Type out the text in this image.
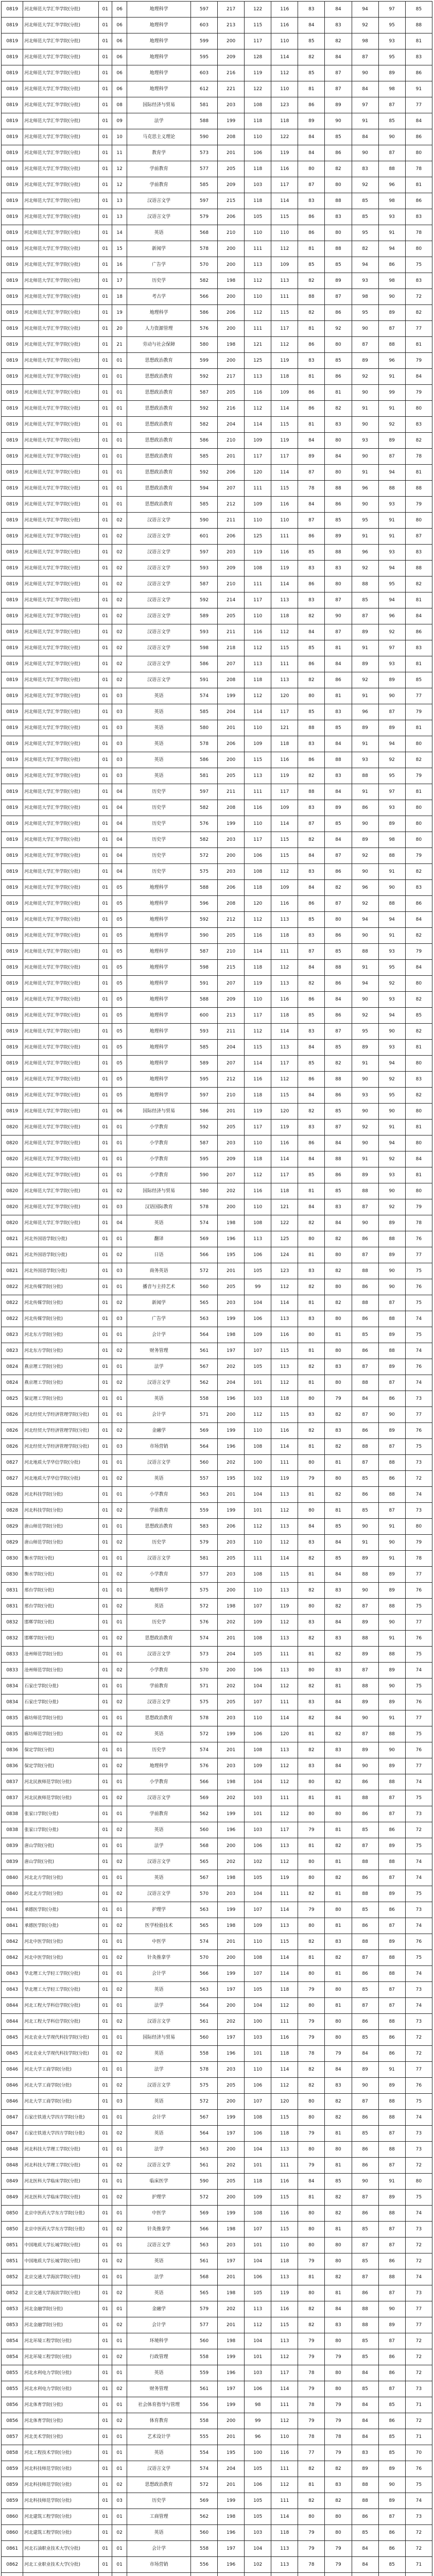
0819	河北师范大学汇华学院(分批)	01	06	地理科学	597	217	122	116	83	84	94	97	85
0819	河北师范大学汇华学院(分批)	01	06	地理科学	603	213	115	116	84	83	92	95	88
0819	河北师范大学汇华学院(分批)	01	06	地理科学	599	200	117	110	85	82	98	93	81
0819	河北师范大学汇华学院(分批)	01	06	地理科学	595	209	128	114	82	84	87	95	83
0819	河北师范大学汇华学院(分批)	01	06	地理科学	603	216	119	112	85	87	90	89	86
0819	河北师范大学汇华学院(分批)	01	06	地理科学	612	221	122	110	81	87	84	98	91
0819	河北师范大学汇华学院(分批)	01	08	国际经济与贸易	581	203	108	123	86	89	97	87	77
0819	河北师范大学汇华学院(分批)	01	09	法学	588	199	118	118	89	90	91	85	84
0819	河北师范大学汇华学院(分批)	01	10	马克思主义理论	590	208	110	122	84	85	84	90	86
0819	河北师范大学汇华学院(分批)	01	11	教育学	573	201	106	119	84	86	90	87	80
0819	河北师范大学汇华学院(分批)	01	12	学前教育	577	205	118	116	80	82	83	88	78
0819	河北师范大学汇华学院(分批)	01	12	学前教育	585	209	103	117	87	80	92	96	81
0819	河北师范大学汇华学院(分批)	01	13	汉语言文学	597	215	118	114	83	88	85	98	86
0819	河北师范大学汇华学院(分批)	01	13	汉语言文学	579	206	105	115	86	83	85	93	83
0819	河北师范大学汇华学院(分批)	01	14	英语	568	210	110	110	86	80	95	91	78
0819	河北师范大学汇华学院(分批)	01	15	新闻学	578	200	111	112	81	88	82	94	80
0819	河北师范大学汇华学院(分批)	01	16	广告学	570	200	113	109	85	85	94	86	75
0819	河北师范大学汇华学院(分批)	01	17	历史学	582	198	112	113	82	89	93	98	83
0819	河北师范大学汇华学院(分批)	01	18	考古学	566	200	110	111	88	87	98	90	72
0819	河北师范大学汇华学院(分批)	01	19	地理科学	586	206	112	115	82	86	95	89	82
0819	河北师范大学汇华学院(分批)	01	20	人力资源管理	576	200	111	117	81	92	90	87	77
0819	河北师范大学汇华学院(分批)	01	21	劳动与社会保障	580	198	121	112	86	80	87	88	81
0819	河北师范大学汇华学院(分批)	01	01	思想政治教育	599	200	125	119	83	85	89	96	79
0819	河北师范大学汇华学院(分批)	01	01	思想政治教育	592	217	113	118	81	86	92	91	84
0819	河北师范大学汇华学院(分批)	01	01	思想政治教育	587	205	116	109	86	81	90	99	79
0819	河北师范大学汇华学院(分批)	01	01	思想政治教育	592	216	112	114	86	82	91	91	80
0819	河北师范大学汇华学院(分批)	01	01	思想政治教育	582	204	114	115	81	83	90	92	83
0819	河北师范大学汇华学院(分批)	01	01	思想政治教育	586	210	109	119	84	80	93	89	82
0819	河北师范大学汇华学院(分批)	01	01	思想政治教育	585	201	117	117	89	84	90	87	78
0819	河北师范大学汇华学院(分批)	01	01	思想政治教育	592	206	120	114	87	80	91	94	81
0819	河北师范大学汇华学院(分批)	01	01	思想政治教育	594	207	111	115	78	88	96	88	88
0819	河北师范大学汇华学院(分批)	01	01	思想政治教育	585	212	109	116	84	86	90	93	79
0819	河北师范大学汇华学院(分批)	01	02	汉语言文学	590	211	110	110	87	85	95	91	80
0819	河北师范大学汇华学院(分批)	01	02	汉语言文学	601	206	125	111	86	89	91	91	87
0819	河北师范大学汇华学院(分批)	01	02	汉语言文学	597	203	119	116	85	88	96	93	83
0819	河北师范大学汇华学院(分批)	01	02	汉语言文学	593	209	108	119	83	83	92	94	88
0819	河北师范大学汇华学院(分批)	01	02	汉语言文学	587	210	111	114	86	80	88	95	82
0819	河北师范大学汇华学院(分批)	01	02	汉语言文学	592	214	117	113	83	87	85	94	81
0819	河北师范大学汇华学院(分批)	01	02	汉语言文学	589	205	110	118	82	90	87	96	84
0819	河北师范大学汇华学院(分批)	01	02	汉语言文学	593	211	116	112	84	87	89	92	86
0819	河北师范大学汇华学院(分批)	01	02	汉语言文学	598	218	112	115	85	81	91	97	83
0819	河北师范大学汇华学院(分批)	01	02	汉语言文学	586	207	113	111	86	84	89	93	81
0819	河北师范大学汇华学院(分批)	01	02	汉语言文学	591	208	118	113	82	86	92	89	85
0819	河北师范大学汇华学院(分批)	01	03	英语	574	199	112	120	80	81	91	90	77
0819	河北师范大学汇华学院(分批)	01	03	英语	585	204	114	117	85	83	96	87	79
0819	河北师范大学汇华学院(分批)	01	03	英语	580	201	110	121	88	85	89	89	81
0819	河北师范大学汇华学院(分批)	01	03	英语	578	206	109	118	83	84	91	94	80
0819	河北师范大学汇华学院(分批)	01	03	英语	586	200	115	116	86	88	93	92	82
0819	河北师范大学汇华学院(分批)	01	03	英语	581	205	113	119	82	83	88	95	79
0819	河北师范大学汇华学院(分批)	01	04	历史学	597	211	111	117	88	84	91	97	81
0819	河北师范大学汇华学院(分批)	01	04	历史学	582	208	116	109	83	89	86	93	80
0819	河北师范大学汇华学院(分批)	01	04	历史学	576	199	110	114	87	85	90	89	80
0819	河北师范大学汇华学院(分批)	01	04	历史学	582	203	117	115	82	84	89	98	80
0819	河北师范大学汇华学院(分批)	01	04	历史学	572	200	106	115	84	87	92	88	79
0819	河北师范大学汇华学院(分批)	01	04	历史学	575	203	108	112	83	86	90	91	82
0819	河北师范大学汇华学院(分批)	01	05	地理科学	588	206	118	109	84	82	96	90	83
0819	河北师范大学汇华学院(分批)	01	05	地理科学	596	208	120	116	86	87	92	88	86
0819	河北师范大学汇华学院(分批)	01	05	地理科学	592	212	112	113	85	80	94	94	84
0819	河北师范大学汇华学院(分批)	01	05	地理科学	590	205	116	118	83	86	90	91	82
0819	河北师范大学汇华学院(分批)	01	05	地理科学	587	210	114	111	87	85	88	93	79
0819	河北师范大学汇华学院(分批)	01	05	地理科学	598	215	118	112	84	88	91	95	84
0819	河北师范大学汇华学院(分批)	01	05	地理科学	591	207	119	113	82	86	94	92	80
0819	河北师范大学汇华学院(分批)	01	05	地理科学	588	209	110	116	86	84	90	93	82
0819	河北师范大学汇华学院(分批)	01	05	地理科学	600	213	117	118	85	86	92	94	85
0819	河北师范大学汇华学院(分批)	01	05	地理科学	593	211	112	114	83	87	95	90	82
0819	河北师范大学汇华学院(分批)	01	05	地理科学	585	204	115	113	84	85	89	93	81
0819	河北师范大学汇华学院(分批)	01	05	地理科学	589	207	114	117	85	82	91	94	80
0819	河北师范大学汇华学院(分批)	01	05	地理科学	595	212	116	112	86	88	90	92	83
0819	河北师范大学汇华学院(分批)	01	05	地理科学	597	210	118	115	84	86	93	95	82
0819	河北师范大学汇华学院(分批)	01	06	国际经济与贸易	586	201	119	120	82	85	90	90	80
0820	河北师范大学汇华学院(分批)	01	01	小学教育	592	205	117	119	83	87	92	91	81
0820	河北师范大学汇华学院(分批)	01	01	小学教育	587	203	110	116	86	84	90	94	80
0820	河北师范大学汇华学院(分批)	01	01	小学教育	595	209	118	114	84	88	91	92	84
0820	河北师范大学汇华学院(分批)	01	01	小学教育	590	207	112	117	85	86	89	93	81
0820	河北师范大学汇华学院(分批)	01	02	国际经济与贸易	580	202	116	118	81	85	88	90	80
0820	河北师范大学汇华学院(分批)	01	03	汉语国际教育	578	200	110	121	84	83	87	92	79
0820	河北师范大学汇华学院(分批)	01	04	英语	574	198	108	122	82	84	90	89	78
0821	河北外国语学院(分批)	01	01	翻译	569	196	113	125	80	82	86	88	76
0821	河北外国语学院(分批)	01	02	日语	566	195	106	124	81	80	87	89	77
0821	河北外国语学院(分批)	01	03	商务英语	572	201	105	123	83	82	88	90	75
0822	河北传媒学院(分批)	01	01	播音与主持艺术	560	205	99	112	82	80	86	90	76
0822	河北传媒学院(分批)	01	02	新闻学	565	203	104	114	81	82	88	87	75
0822	河北传媒学院(分批)	01	03	广告学	563	199	106	113	83	80	86	88	74
0823	河北东方学院(分批)	01	01	会计学	564	198	109	116	80	81	85	89	75
0823	河北东方学院(分批)	01	02	财务管理	561	197	107	115	81	80	86	88	74
0824	燕京理工学院(分批)	01	01	法学	567	202	105	113	82	83	87	89	76
0824	燕京理工学院(分批)	01	02	汉语言文学	562	204	101	112	81	80	88	87	74
0825	保定理工学院(分批)	01	01	英语	558	196	103	118	80	79	84	86	73
0826	河北经贸大学经济管理学院(分批)	01	01	会计学	571	200	112	115	83	82	87	90	77
0826	河北经贸大学经济管理学院(分批)	01	02	金融学	569	199	110	116	82	83	86	89	76
0826	河北经贸大学经济管理学院(分批)	01	03	市场营销	564	196	108	114	81	82	88	87	75
0827	河北地质大学华信学院(分批)	01	01	汉语言文学	560	202	100	111	80	81	87	88	73
0827	河北地质大学华信学院(分批)	01	02	英语	557	195	102	119	79	80	85	86	72
0828	河北科技学院(分批)	01	01	小学教育	563	201	104	113	81	82	86	88	74
0828	河北科技学院(分批)	01	02	学前教育	559	199	101	112	80	81	85	87	73
0829	唐山师范学院(分批)	01	01	思想政治教育	583	206	112	113	84	85	90	91	80
0829	唐山师范学院(分批)	01	02	历史学	579	203	110	112	83	84	91	90	79
0830	衡水学院(分批)	01	01	汉语言文学	581	205	111	114	82	85	89	91	78
0830	衡水学院(分批)	01	02	小学教育	577	203	108	115	81	84	88	89	77
0831	邢台学院(分批)	01	01	地理科学	575	200	110	113	82	83	90	89	76
0831	邢台学院(分批)	01	02	英语	572	198	107	119	80	82	87	88	75
0832	邯郸学院(分批)	01	01	历史学	576	202	109	112	83	84	89	90	77
0832	邯郸学院(分批)	01	02	思想政治教育	574	201	108	113	82	83	88	91	76
0833	沧州师范学院(分批)	01	01	汉语言文学	573	204	105	111	81	82	89	88	75
0833	沧州师范学院(分批)	01	02	小学教育	570	200	106	113	80	83	87	89	74
0834	石家庄学院(分批)	01	01	学前教育	571	202	104	112	82	81	88	90	75
0834	石家庄学院(分批)	01	02	汉语言文学	575	205	107	111	83	84	89	89	76
0835	廊坊师范学院(分批)	01	01	思想政治教育	578	203	110	114	82	84	90	91	77
0835	廊坊师范学院(分批)	01	02	英语	572	199	106	120	81	82	87	88	75
0836	保定学院(分批)	01	01	历史学	574	201	108	113	82	83	89	90	76
0836	保定学院(分批)	01	02	地理科学	576	203	109	112	83	84	90	89	77
0837	河北民族师范学院(分批)	01	01	小学教育	566	198	104	112	80	82	86	88	74
0837	河北民族师范学院(分批)	01	02	汉语言文学	569	202	103	111	81	81	88	87	75
0838	张家口学院(分批)	01	01	学前教育	562	199	101	112	80	80	86	87	73
0838	张家口学院(分批)	01	02	英语	560	196	103	117	79	81	85	86	72
0839	唐山学院(分批)	01	01	法学	568	200	106	113	81	82	87	89	75
0839	唐山学院(分批)	01	02	汉语言文学	565	202	102	112	80	81	88	88	74
0840	河北北方学院(分批)	01	01	英语	567	198	105	119	80	82	86	87	74
0840	河北北方学院(分批)	01	02	汉语言文学	570	203	104	111	82	81	88	89	75
0841	承德医学院(分批)	01	01	护理学	563	199	107	114	79	80	85	86	73
0841	承德医学院(分批)	01	02	医学检验技术	565	198	109	113	80	81	86	87	74
0842	河北中医学院(分批)	01	01	中医学	574	201	110	115	82	83	88	89	76
0842	河北中医学院(分批)	01	02	针灸推拿学	570	200	108	114	81	82	87	88	75
0843	华北理工大学轻工学院(分批)	01	01	会计学	566	199	107	114	80	81	86	88	74
0843	华北理工大学轻工学院(分批)	01	02	英语	563	197	105	118	79	80	85	87	73
0844	河北工程大学科信学院(分批)	01	01	法学	564	200	104	112	80	81	87	87	74
0844	河北工程大学科信学院(分批)	01	02	汉语言文学	561	202	100	111	79	80	86	88	73
0845	河北农业大学现代科技学院(分批)	01	01	国际经济与贸易	560	197	103	116	79	80	85	86	72
0845	河北农业大学现代科技学院(分批)	01	02	英语	558	196	101	118	78	79	84	86	72
0846	河北大学工商学院(分批)	01	01	法学	578	203	110	114	82	84	89	91	77
0846	河北大学工商学院(分批)	01	02	汉语言文学	575	205	106	112	82	83	90	89	76
0846	河北大学工商学院(分批)	01	03	英语	572	200	107	120	80	82	87	88	75
0847	石家庄铁道大学四方学院(分批)	01	01	会计学	567	199	108	115	80	82	86	88	74
0847	石家庄铁道大学四方学院(分批)	01	02	英语	564	197	106	118	79	81	85	87	73
0848	河北科技大学理工学院(分批)	01	01	法学	563	200	104	113	80	80	86	88	73
0848	河北科技大学理工学院(分批)	01	02	汉语言文学	561	202	101	111	79	81	86	87	72
0849	河北医科大学临床学院(分批)	01	01	临床医学	590	205	118	116	84	85	90	91	80
0849	河北医科大学临床学院(分批)	01	02	护理学	572	200	109	115	81	82	87	89	75
0850	北京中医药大学东方学院(分批)	01	01	中医学	569	199	108	116	80	82	86	88	74
0850	北京中医药大学东方学院(分批)	01	02	针灸推拿学	566	198	107	115	80	81	85	87	73
0851	中国地质大学长城学院(分批)	01	01	汉语言文学	563	203	101	110	80	80	87	87	72
0851	中国地质大学长城学院(分批)	01	02	英语	561	197	104	118	79	80	85	86	72
0852	北京交通大学海滨学院(分批)	01	01	法学	568	201	106	113	81	82	87	88	74
0852	北京交通大学海滨学院(分批)	01	02	英语	565	198	105	119	80	81	86	87	73
0853	河北金融学院(分批)	01	01	金融学	579	202	113	116	82	84	88	90	77
0853	河北金融学院(分批)	01	02	会计学	577	201	112	115	82	83	88	89	77
0854	河北环境工程学院(分批)	01	01	环境科学	560	198	104	113	79	80	85	87	72
0854	河北环境工程学院(分批)	01	02	行政管理	558	199	101	112	79	79	85	86	72
0855	河北水利电力学院(分批)	01	01	英语	559	196	103	117	78	80	84	86	72
0855	河北水利电力学院(分批)	01	02	财务管理	561	197	106	114	79	80	85	87	73
0856	河北体育学院(分批)	01	01	社会体育指导与管理	556	199	98	111	78	79	84	85	71
0856	河北体育学院(分批)	01	02	体育教育	558	200	99	112	79	79	84	86	72
0857	河北美术学院(分批)	01	01	艺术设计学	555	201	96	110	78	78	84	85	71
0858	河北工程技术学院(分批)	01	01	英语	554	195	100	116	77	79	83	85	70
0859	河北科技师范学院(分批)	01	01	汉语言文学	574	204	105	111	82	82	89	89	76
0859	河北科技师范学院(分批)	01	02	思想政治教育	572	201	106	112	81	83	88	90	75
0859	河北科技师范学院(分批)	01	03	历史学	569	199	105	111	82	82	88	89	74
0860	河北建筑工程学院(分批)	01	01	工商管理	562	198	105	114	80	80	86	87	73
0860	河北建筑工程学院(分批)	01	02	英语	560	196	103	118	79	80	85	86	72
0861	河北石油职业技术大学(分批)	01	01	会计学	558	197	104	113	79	79	84	86	72
0862	河北工业职业技术大学(分批)	01	01	市场营销	556	196	102	113	78	79	84	85	71
